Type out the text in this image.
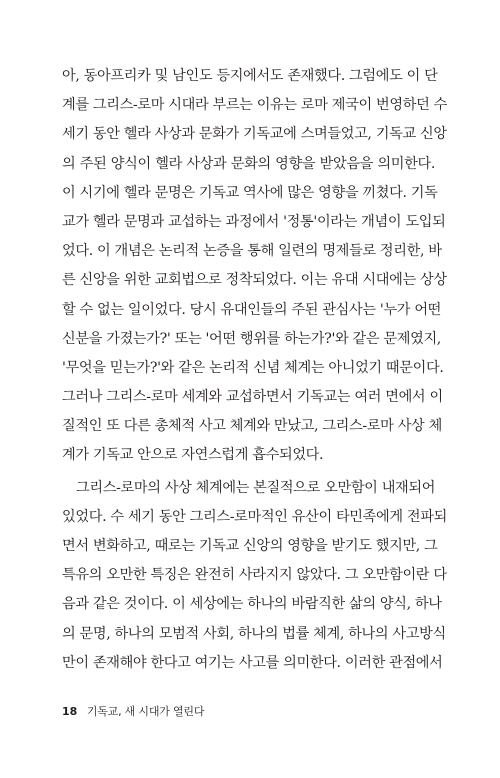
아, 동아프리카 및 남인도 등지에서도 존재했다. 그럼에도 이 단
계를 그리스-로마 시대라 부르는 이유는 로마 제국이 번영하던 수
세기 동안 헬라 사상과 문화가 기독교에 스며들었고, 기독교 신앙
의 주된 양식이 헬라 사상과 문화의 영향을 받았음을 의미한다.
이 시기에 헬라 문명은 기독교 역사에 많은 영향을 끼쳤다. 기독
교가 헬라 문명과 교섭하는 과정에서 '정통'이라는 개념이 도입되
었다. 이 개념은 논리적 논증을 통해 일련의 명제들로 정리한, 바
른 신앙을 위한 교회법으로 정착되었다. 이는 유대 시대에는 상상
할 수 없는 일이었다. 당시 유대인들의 주된 관심사는 '누가 어떤
신분을 가졌는가?' 또는 '어떤 행위를 하는가?'와 같은 문제였지,
'무엇을 믿는가?'와 같은 논리적 신념 체계는 아니었기 때문이다.
그러나 그리스-로마 세계와 교섭하면서 기독교는 여러 면에서 이
질적인 또 다른 총체적 사고 체계와 만났고, 그리스-로마 사상 체
계가 기독교 안으로 자연스럽게 흡수되었다.
그리스-로마의 사상 체계에는 본질적으로 오만함이 내재되어
있었다. 수 세기 동안 그리스-로마적인 유산이 타민족에게 전파되
면서 변화하고, 때로는 기독교 신앙의 영향을 받기도 했지만, 그
특유의 오만한 특징은 완전히 사라지지 않았다. 그 오만함이란 다
음과 같은 것이다. 이 세상에는 하나의 바람직한 삶의 양식, 하나
의 문명, 하나의 모범적 사회, 하나의 법률 체계, 하나의 사고방식
만이 존재해야 한다고 여기는 사고를 의미한다. 이러한 관점에서
18 기독교, 새 시대가 열린다
